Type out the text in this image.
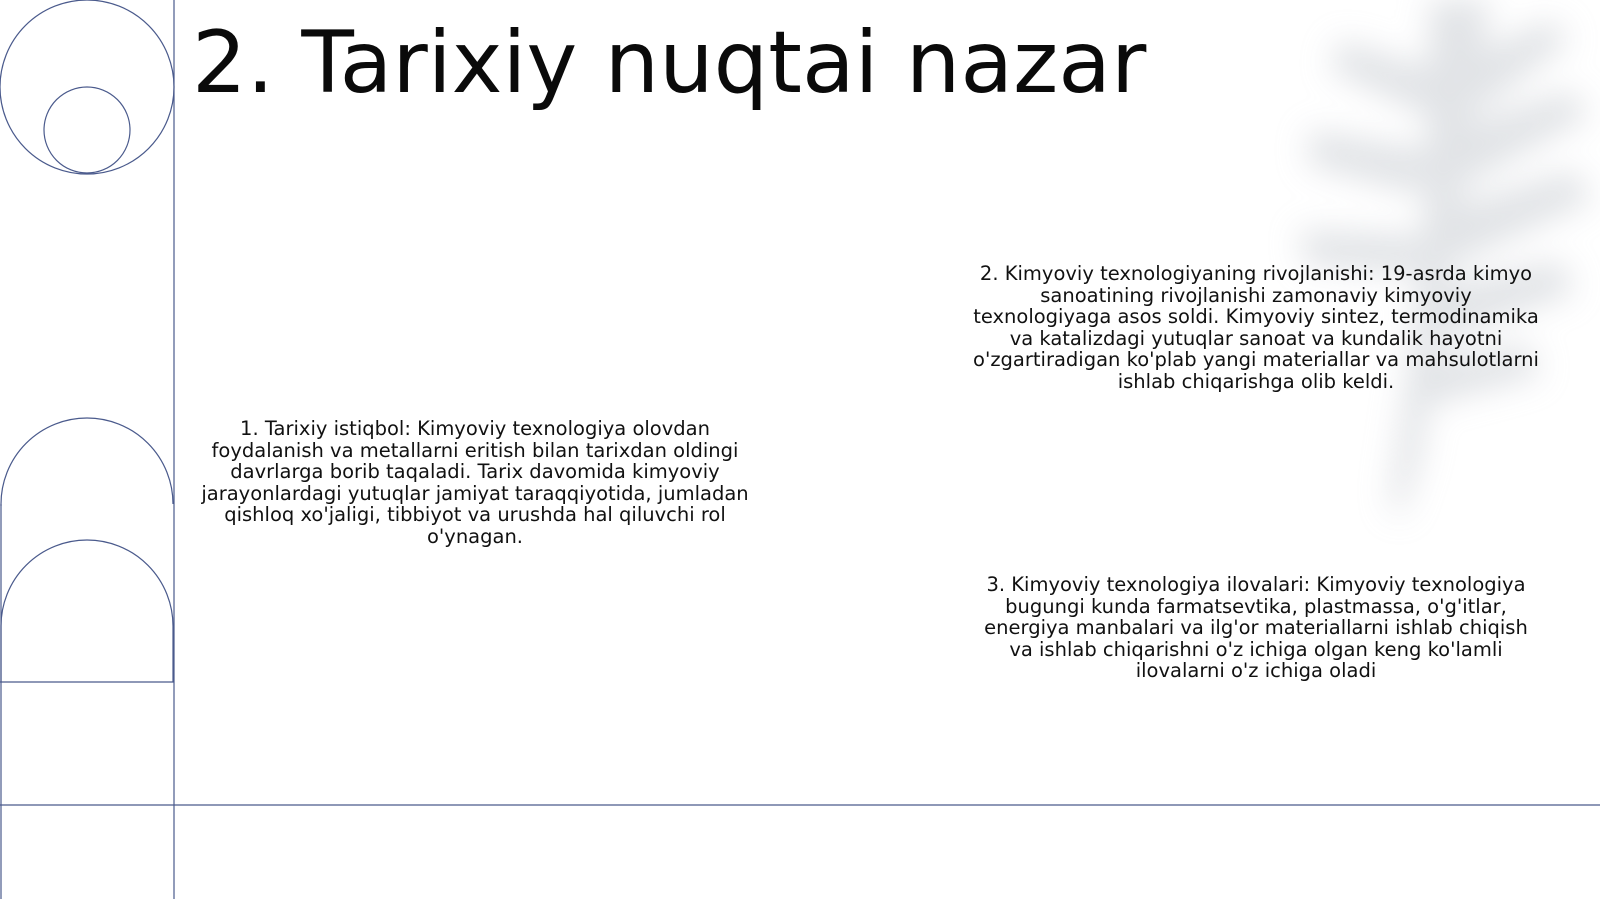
2. Tarixiy nuqtai nazar

1. Tarixiy istiqbol: Kimyoviy texnologiya olovdan foydalanish va metallarni eritish bilan tarixdan oldingi davrlarga borib taqaladi. Tarix davomida kimyoviy jarayonlardagi yutuqlar jamiyat taraqqiyotida, jumladan qishloq xo'jaligi, tibbiyot va urushda hal qiluvchi rol o'ynagan.

2. Kimyoviy texnologiyaning rivojlanishi: 19-asrda kimyo sanoatining rivojlanishi zamonaviy kimyoviy texnologiyaga asos soldi. Kimyoviy sintez, termodinamika va katalizdagi yutuqlar sanoat va kundalik hayotni o'zgartiradigan ko'plab yangi materiallar va mahsulotlarni ishlab chiqarishga olib keldi.

3. Kimyoviy texnologiya ilovalari: Kimyoviy texnologiya bugungi kunda farmatsevtika, plastmassa, o'g'itlar, energiya manbalari va ilg'or materiallarni ishlab chiqish va ishlab chiqarishni o'z ichiga olgan keng ko'lamli ilovalarni o'z ichiga oladi
